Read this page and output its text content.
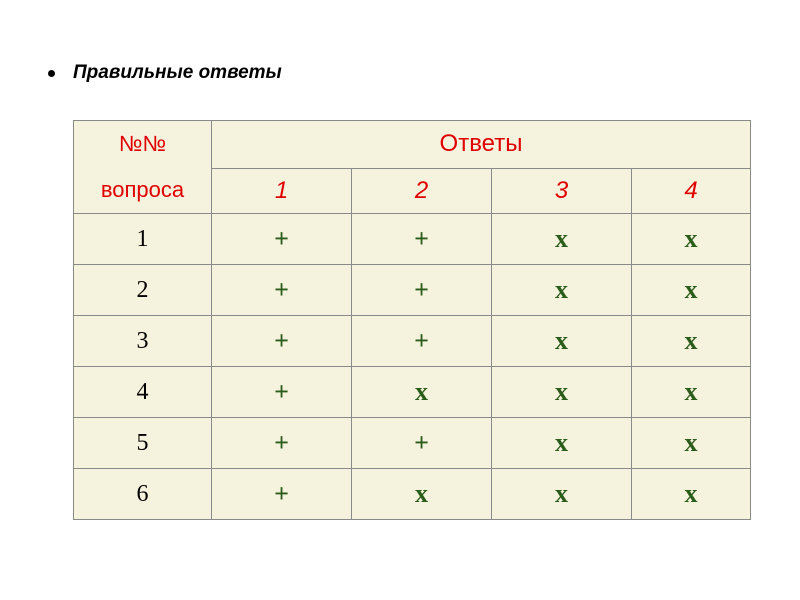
Правильные ответы
№№
вопроса	Ответы			
	1	2	3	4
1	+	+	x	x
2	+	+	x	x
3	+	+	x	x
4	+	x	x	x
5	+	+	x	x
6	+	x	x	x
